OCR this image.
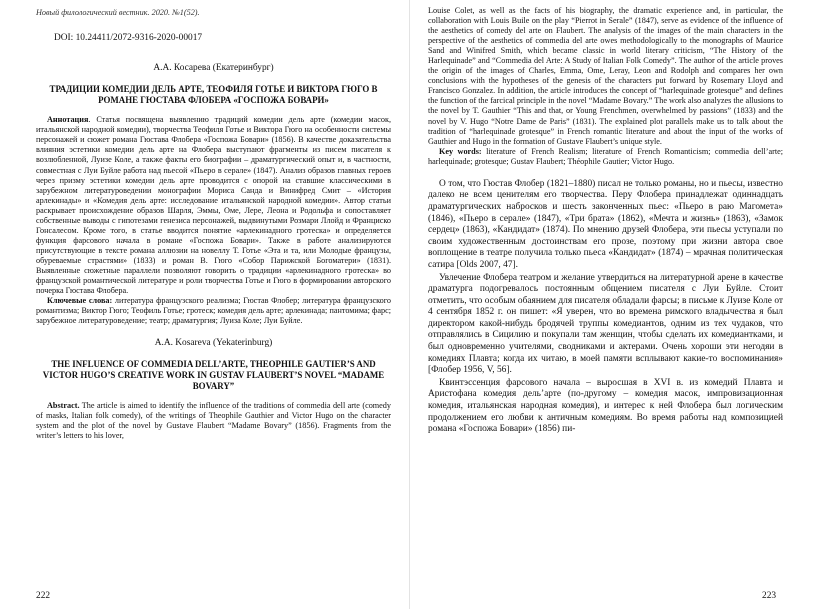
Новый филологический вестник. 2020. №1(52).
DOI: 10.24411/2072-9316-2020-00017
А.А. Косарева (Екатеринбург)
ТРАДИЦИИ КОМЕДИИ ДЕЛЬ АРТЕ, ТЕОФИЛЯ ГОТЬЕ И ВИКТОРА ГЮГО В РОМАНЕ ГЮСТАВА ФЛОБЕРА «ГОСПОЖА БОВАРИ»

Аннотация. Статья посвящена выявлению традиций комедии дель арте (комедии масок, итальянской народной комедии), творчества Теофиля Готье и Виктора Гюго на особенности системы персонажей и сюжет романа Гюстава Флобера «Госпожа Бовари» (1856). В качестве доказательства влияния эстетики комедии дель арте на Флобера выступают фрагменты из писем писателя к возлюбленной, Луизе Коле, а также факты его биографии – драматургический опыт и, в частности, совместная с Луи Буйле работа над пьесой «Пьеро в серале» (1847). Анализ образов главных героев через призму эстетики комедии дель арте проводится с опорой на ставшие классическими в зарубежном литературоведении монографии Мориса Санда и Винифред Смит – «История арлекинады» и «Комедия дель арте: исследование итальянской народной комедии». Автор статьи раскрывает происхождение образов Шарля, Эммы, Оме, Лере, Леона и Родольфа и сопоставляет собственные выводы с гипотезами генезиса персонажей, выдвинутыми Розмари Ллойд и Франциско Гонсалесом. Кроме того, в статье вводится понятие «арлекинадного гротеска» и определяется функция фарсового начала в романе «Госпожа Бовари». Также в работе анализируются присутствующие в тексте романа аллюзии на новеллу Т. Готье «Эта и та, или Молодые французы, обуреваемые страстями» (1833) и роман В. Гюго «Собор Парижской Богоматери» (1831). Выявленные сюжетные параллели позволяют говорить о традиции «арлекинадного гротеска» во французской романтической литературе и роли творчества Готье и Гюго в формировании авторского почерка Гюстава Флобера.

Ключевые слова: литература французского реализма; Гюстав Флобер; литература французского романтизма; Виктор Гюго; Теофиль Готье; гротеск; комедия дель арте; арлекинада; пантомима; фарс; зарубежное литературоведение; театр; драматургия; Луиза Коле; Луи Буйле.

A.A. Kosareva (Yekaterinburg)
THE INFLUENCE OF COMMEDIA DELL’ARTE, THEOPHILE GAUTIER’S AND VICTOR HUGO’S CREATIVE WORK IN GUSTAV FLAUBERT’S NOVEL “MADAME BOVARY”

Abstract. The article is aimed to identify the influence of the traditions of commedia dell arte (comedy of masks, Italian folk comedy), of the writings of Theophile Gauthier and Victor Hugo on the character system and the plot of the novel by Gustave Flaubert “Madame Bovary” (1856). Fragments from the writer’s letters to his lover,

222

Louise Colet, as well as the facts of his biography, the dramatic experience and, in particular, the collaboration with Louis Buile on the play “Pierrot in Serale” (1847), serve as evidence of the influence of the aesthetics of comedy del arte on Flaubert. The analysis of the images of the main characters in the perspective of the aesthetics of commedia del arte owes methodologically to the monographs of Maurice Sand and Winifred Smith, which became classic in world literary criticism, “The History of the Harlequinade” and “Commedia del Arte: A Study of Italian Folk Comedy”. The author of the article proves the origin of the images of Charles, Emma, Ome, Leray, Leon and Rodolph and compares her own conclusions with the hypotheses of the genesis of the characters put forward by Rosemary Lloyd and Francisco Gonzalez. In addition, the article introduces the concept of “harlequinade grotesque” and defines the function of the farcical principle in the novel “Madame Bovary.” The work also analyzes the allusions to the novel by T. Gauthier “This and that, or Young Frenchmen, overwhelmed by passions” (1833) and the novel by V. Hugo “Notre Dame de Paris” (1831). The explained plot parallels make us to talk about the tradition of “harlequinade grotesque” in French romantic literature and about the input of the works of Gauthier and Hugo in the formation of Gustave Flaubert’s unique style.

Key words: literature of French Realism; literature of French Romanticism; commedia dell’arte; harlequinade; grotesque; Gustav Flaubert; Théophile Gautier; Victor Hugo.

О том, что Гюстав Флобер (1821–1880) писал не только романы, но и пьесы, известно далеко не всем ценителям его творчества. Перу Флобера принадлежат одиннадцать драматургических набросков и шесть законченных пьес: «Пьеро в раю Магомета» (1846), «Пьеро в серале» (1847), «Три брата» (1862), «Мечта и жизнь» (1863), «Замок сердец» (1863), «Кандидат» (1874). По мнению друзей Флобера, эти пьесы уступали по своим художественным достоинствам его прозе, поэтому при жизни автора свое воплощение в театре получила только пьеса «Кандидат» (1874) – мрачная политическая сатира [Olds 2007, 47].

Увлечение Флобера театром и желание утвердиться на литературной арене в качестве драматурга подогревалось постоянным общением писателя с Луи Буйле. Стоит отметить, что особым обаянием для писателя обладали фарсы; в письме к Луизе Коле от 4 сентября 1852 г. он пишет: «Я уверен, что во времена римского владычества я был директором какой-нибудь бродячей труппы комедиантов, одним из тех чудаков, что отправлялись в Сицилию и покупали там женщин, чтобы сделать их комедиантками, и был одновременно учителями, сводниками и актерами. Очень хороши эти негодяи в комедиях Плавта; когда их читаю, в моей памяти всплывают какие-то воспоминания» [Флобер 1956, V, 56].

Квинтэссенция фарсового начала – выросшая в XVI в. из комедий Плавта и Аристофана комедия дель’арте (по-другому – комедия масок, импровизационная комедия, итальянская народная комедия), и интерес к ней Флобера был логическим продолжением его любви к античным комедиям. Во время работы над композицией романа «Госпожа Бовари» (1856) пи-

223
